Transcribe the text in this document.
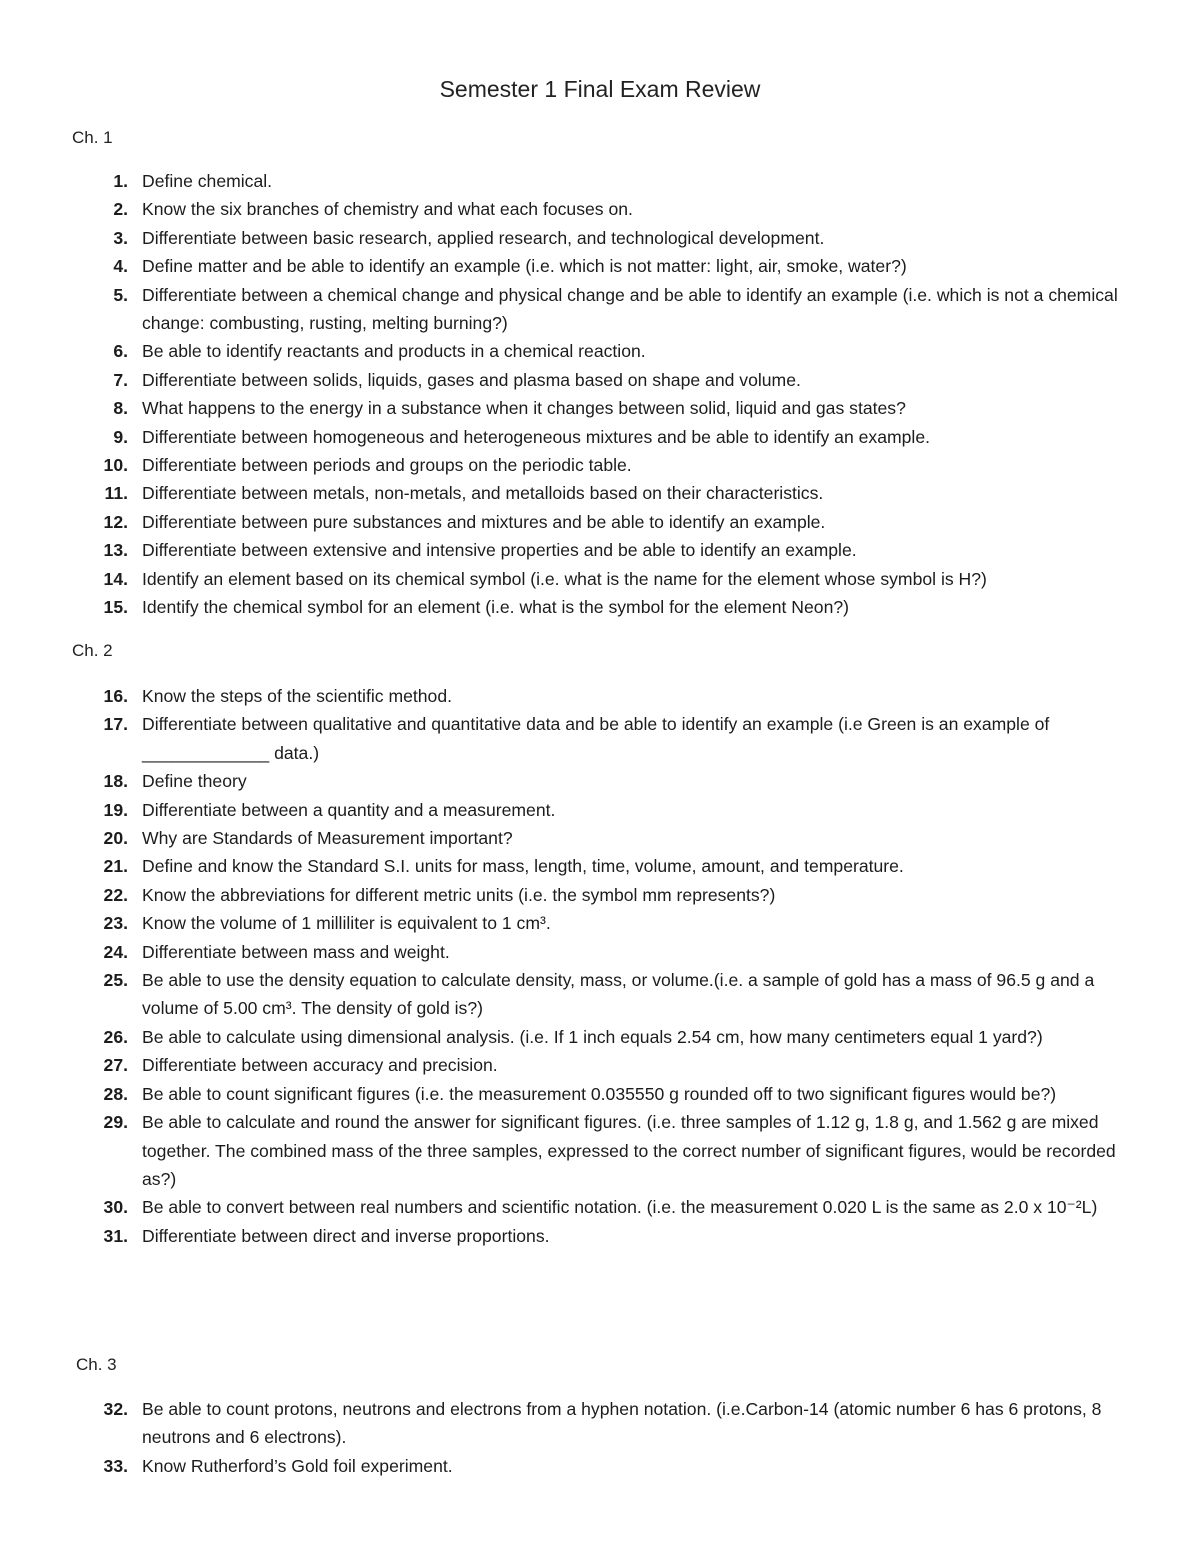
Semester 1 Final Exam Review
Ch. 1
1. Define chemical.
2. Know the six branches of chemistry and what each focuses on.
3. Differentiate between basic research, applied research, and technological development.
4. Define matter and be able to identify an example (i.e. which is not matter: light, air, smoke, water?)
5. Differentiate between a chemical change and physical change and be able to identify an example (i.e. which is not a chemical change: combusting, rusting, melting burning?)
6. Be able to identify reactants and products in a chemical reaction.
7. Differentiate between solids, liquids, gases and plasma based on shape and volume.
8. What happens to the energy in a substance when it changes between solid, liquid and gas states?
9. Differentiate between homogeneous and heterogeneous mixtures and be able to identify an example.
10. Differentiate between periods and groups on the periodic table.
11. Differentiate between metals, non-metals, and metalloids based on their characteristics.
12. Differentiate between pure substances and mixtures and be able to identify an example.
13. Differentiate between extensive and intensive properties and be able to identify an example.
14. Identify an element based on its chemical symbol (i.e. what is the name for the element whose symbol is H?)
15. Identify the chemical symbol for an element (i.e. what is the symbol for the element Neon?)
Ch. 2
16. Know the steps of the scientific method.
17. Differentiate between qualitative and quantitative data and be able to identify an example (i.e Green is an example of _____________ data.)
18. Define theory
19. Differentiate between a quantity and a measurement.
20. Why are Standards of Measurement important?
21. Define and know the Standard S.I. units for mass, length, time, volume, amount, and temperature.
22. Know the abbreviations for different metric units (i.e. the symbol mm represents?)
23. Know the volume of 1 milliliter is equivalent to 1 cm³.
24. Differentiate between mass and weight.
25. Be able to use the density equation to calculate density, mass, or volume.(i.e. a sample of gold has a mass of 96.5 g and a volume of 5.00 cm³. The density of gold is?)
26. Be able to calculate using dimensional analysis. (i.e. If 1 inch equals 2.54 cm, how many centimeters equal 1 yard?)
27. Differentiate between accuracy and precision.
28. Be able to count significant figures (i.e. the measurement 0.035550 g rounded off to two significant figures would be?)
29. Be able to calculate and round the answer for significant figures. (i.e. three samples of 1.12 g, 1.8 g, and 1.562 g are mixed together. The combined mass of the three samples, expressed to the correct number of significant figures, would be recorded as?)
30. Be able to convert between real numbers and scientific notation. (i.e. the measurement 0.020 L is the same as 2.0 x 10⁻²L)
31. Differentiate between direct and inverse proportions.
Ch. 3
32. Be able to count protons, neutrons and electrons from a hyphen notation. (i.e.Carbon-14 (atomic number 6 has 6 protons, 8 neutrons and 6 electrons).
33. Know Rutherford’s Gold foil experiment.
